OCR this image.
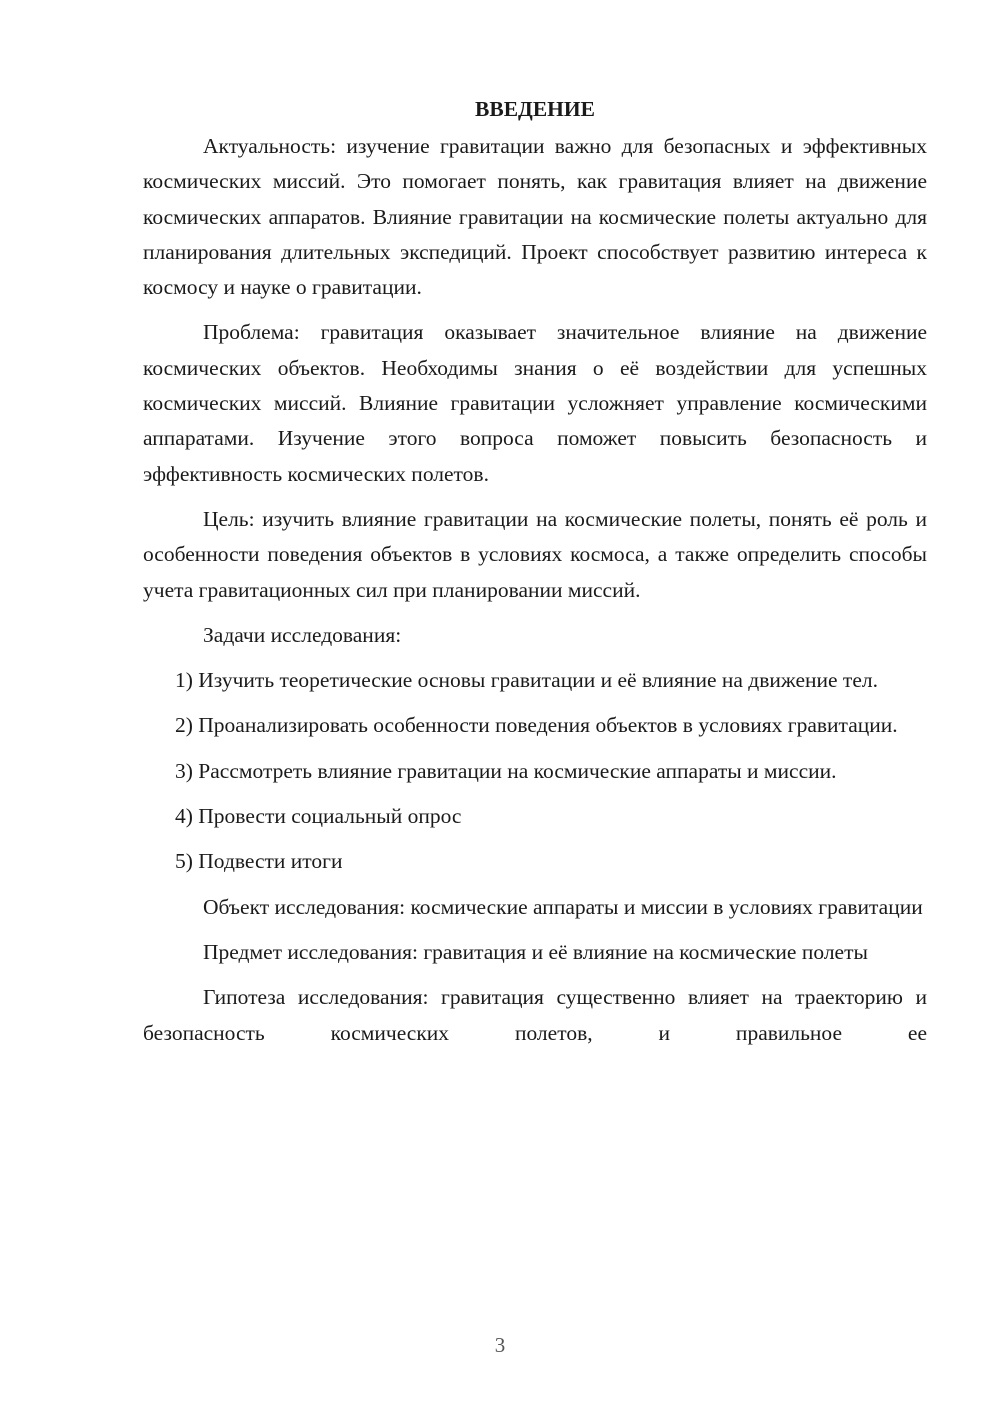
ВВЕДЕНИЕ

Актуальность: изучение гравитации важно для безопасных и эффективных космических миссий. Это помогает понять, как гравитация влияет на движение космических аппаратов. Влияние гравитации на космические полеты актуально для планирования длительных экспедиций. Проект способствует развитию интереса к космосу и науке о гравитации.

Проблема: гравитация оказывает значительное влияние на движение космических объектов. Необходимы знания о её воздействии для успешных космических миссий. Влияние гравитации усложняет управление космическими аппаратами. Изучение этого вопроса поможет повысить безопасность и эффективность космических полетов.

Цель: изучить влияние гравитации на космические полеты, понять её роль и особенности поведения объектов в условиях космоса, а также определить способы учета гравитационных сил при планировании миссий.

Задачи исследования:

1) Изучить теоретические основы гравитации и её влияние на движение тел.

2) Проанализировать особенности поведения объектов в условиях гравитации.

3) Рассмотреть влияние гравитации на космические аппараты и миссии.

4) Провести социальный опрос

5) Подвести итоги

Объект исследования: космические аппараты и миссии в условиях гравитации

Предмет исследования: гравитация и её влияние на космические полеты

Гипотеза исследования: гравитация существенно влияет на траекторию и безопасность космических полетов, и правильное ее

3
